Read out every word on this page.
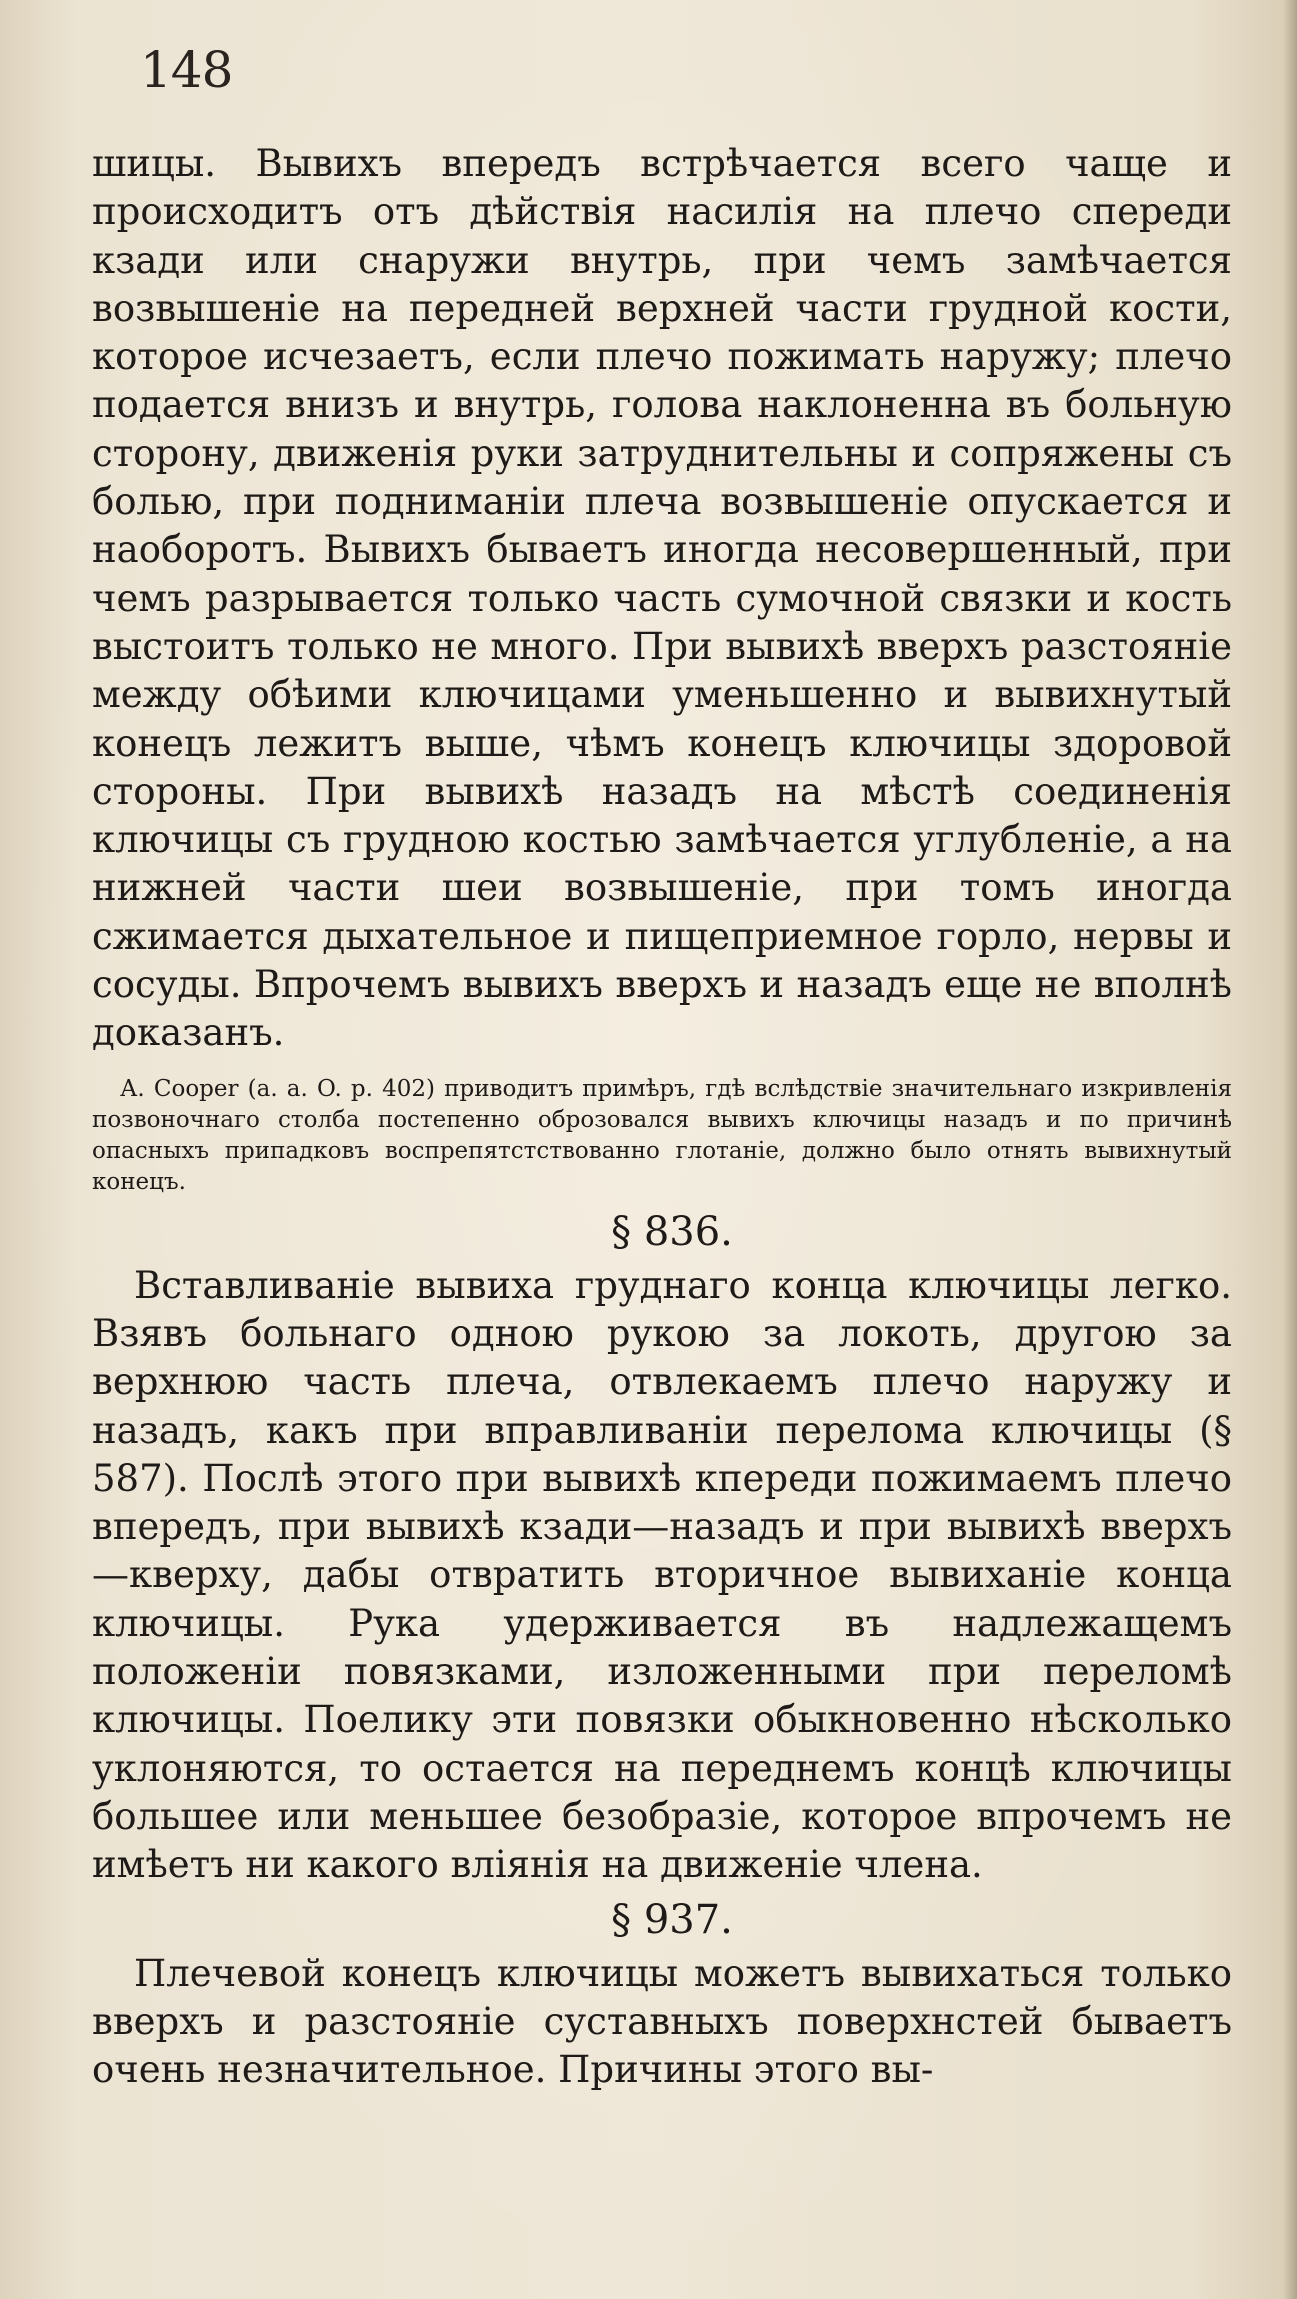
148

шицы. Вывихъ впередъ встрѣчается всего чаще и происходитъ отъ дѣйствія насилія на плечо спереди кзади или снаружи внутрь, при чемъ замѣчается возвышеніе на передней верхней части грудной кости, которое исчезаетъ, если плечо пожимать наружу; плечо подается внизъ и внутрь, голова наклоненна въ больную сторону, движенія руки затруднительны и сопряжены съ болью, при подниманіи плеча возвышеніе опускается и наоборотъ. Вывихъ бываетъ иногда несовершенный, при чемъ разрывается только часть сумочной связки и кость выстоитъ только не много. При вывихѣ вверхъ разстояніе между обѣими ключицами уменьшенно и вывихнутый конецъ лежитъ выше, чѣмъ конецъ ключицы здоровой стороны. При вывихѣ назадъ на мѣстѣ соединенія ключицы съ грудною костью замѣчается углубленіе, а на нижней части шеи возвышеніе, при томъ иногда сжимается дыхательное и пищеприемное горло, нервы и сосуды. Впрочемъ вывихъ вверхъ и назадъ еще не вполнѣ доказанъ.

А. Cooper (a. a. O. p. 402) приводитъ примѣръ, гдѣ вслѣдствіе значительнаго изкривленія позвоночнаго столба постепенно оброзовался вывихъ ключицы назадъ и по причинѣ опасныхъ припадковъ воспрепятстствованно глотаніе, должно было отнять вывихнутый конецъ.

§ 836.

Вставливаніе вывиха груднаго конца ключицы легко. Взявъ больнаго одною рукою за локоть, другою за верхнюю часть плеча, отвлекаемъ плечо наружу и назадъ, какъ при вправливаніи перелома ключицы (§ 587). Послѣ этого при вывихѣ кпереди пожимаемъ плечо впередъ, при вывихѣ кзади—назадъ и при вывихѣ вверхъ—кверху, дабы отвратить вторичное вывиханіе конца ключицы. Рука удерживается въ надлежащемъ положеніи повязками, изложенными при переломѣ ключицы. Поелику эти повязки обыкновенно нѣсколько уклоняются, то остается на переднемъ концѣ ключицы большее или меньшее безобразіе, которое впрочемъ не имѣетъ ни какого вліянія на движеніе члена.

§ 937.

Плечевой конецъ ключицы можетъ вывихаться только вверхъ и разстояніе суставныхъ поверхнстей бываетъ очень незначительное. Причины этого вы-
